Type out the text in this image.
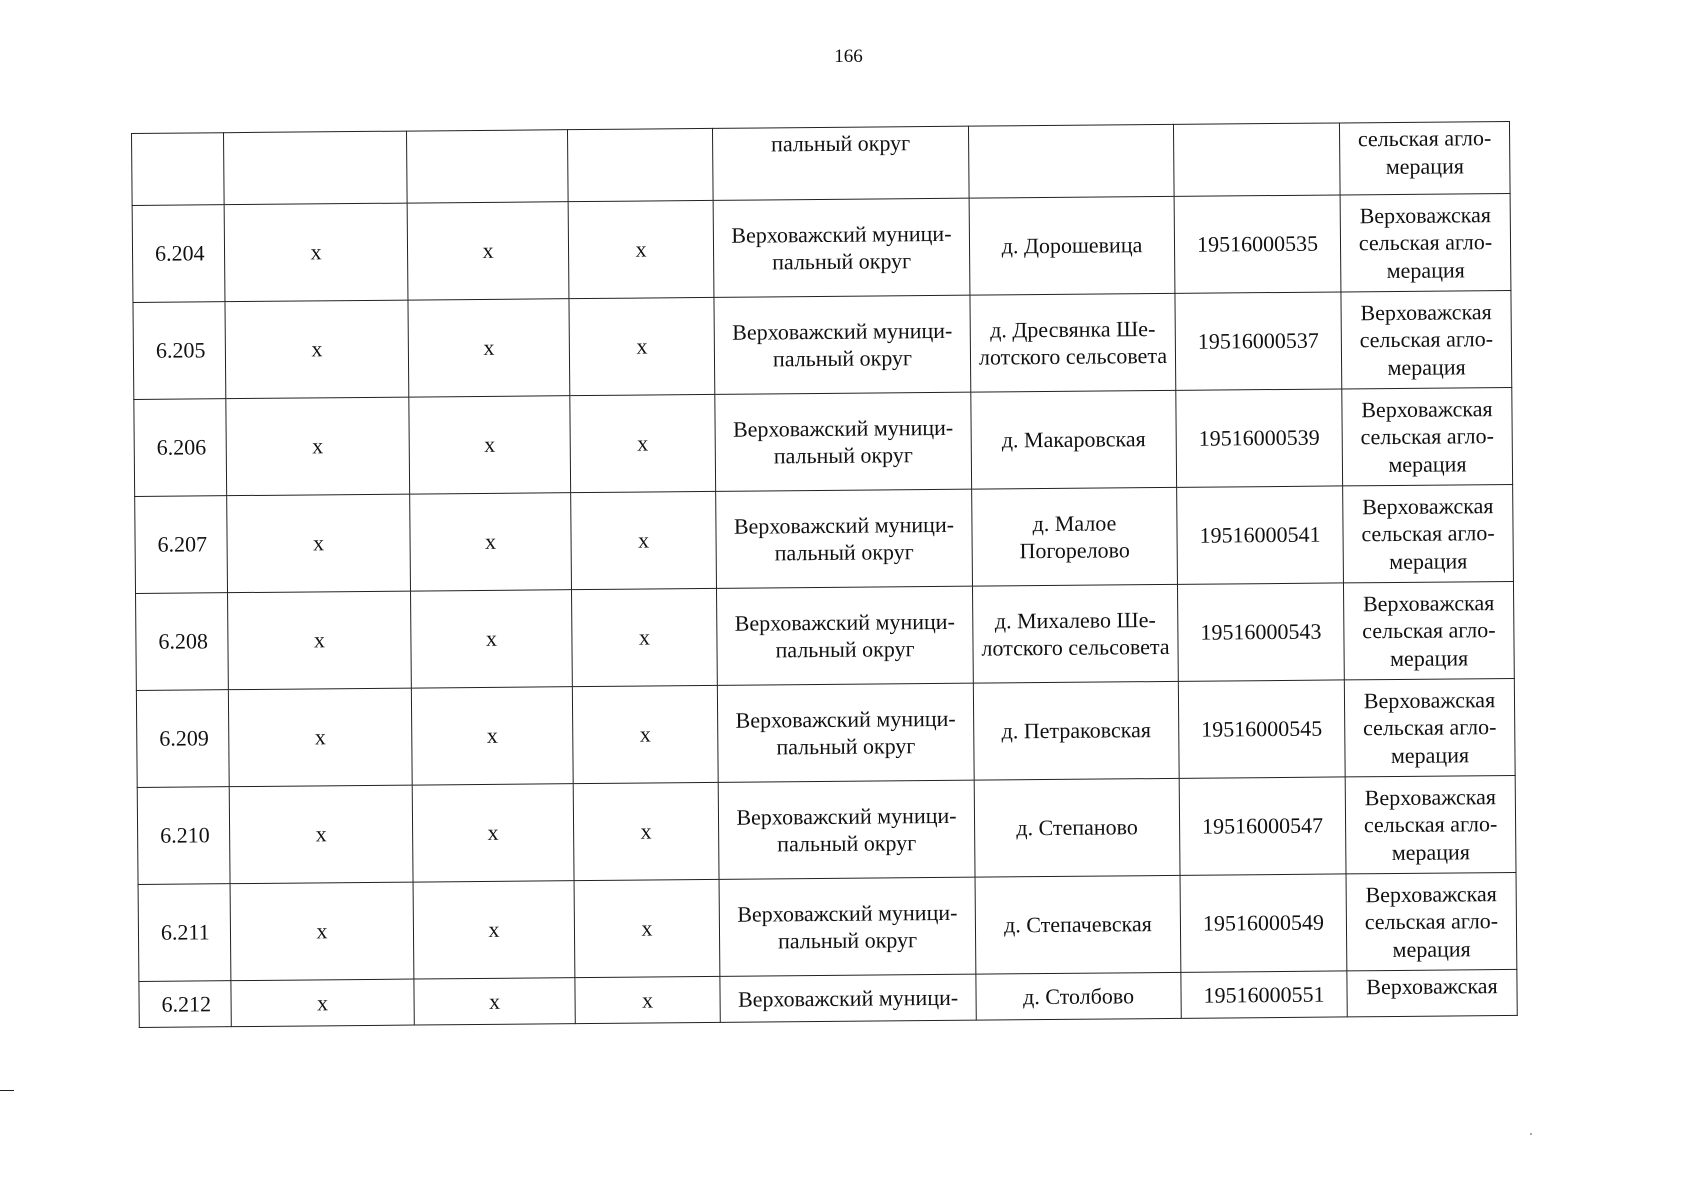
166
				пальный округ			сельская агло-
мерация
6.204	х	х	х	Верховажский муници-
пальный округ	д. Дорошевица	19516000535	Верховажская
сельская агло-
мерация
6.205	х	х	х	Верховажский муници-
пальный округ	д. Дресвянка Ше-
лотского сельсовета	19516000537	Верховажская
сельская агло-
мерация
6.206	х	х	х	Верховажский муници-
пальный округ	д. Макаровская	19516000539	Верховажская
сельская агло-
мерация
6.207	х	х	х	Верховажский муници-
пальный округ	д. Малое
Погорелово	19516000541	Верховажская
сельская агло-
мерация
6.208	х	х	х	Верховажский муници-
пальный округ	д. Михалево Ше-
лотского сельсовета	19516000543	Верховажская
сельская агло-
мерация
6.209	х	х	х	Верховажский муници-
пальный округ	д. Петраковская	19516000545	Верховажская
сельская агло-
мерация
6.210	х	х	х	Верховажский муници-
пальный округ	д. Степаново	19516000547	Верховажская
сельская агло-
мерация
6.211	х	х	х	Верховажский муници-
пальный округ	д. Степачевская	19516000549	Верховажская
сельская агло-
мерация
6.212	х	х	х	Верховажский муници-	д. Столбово	19516000551	Верховажская
